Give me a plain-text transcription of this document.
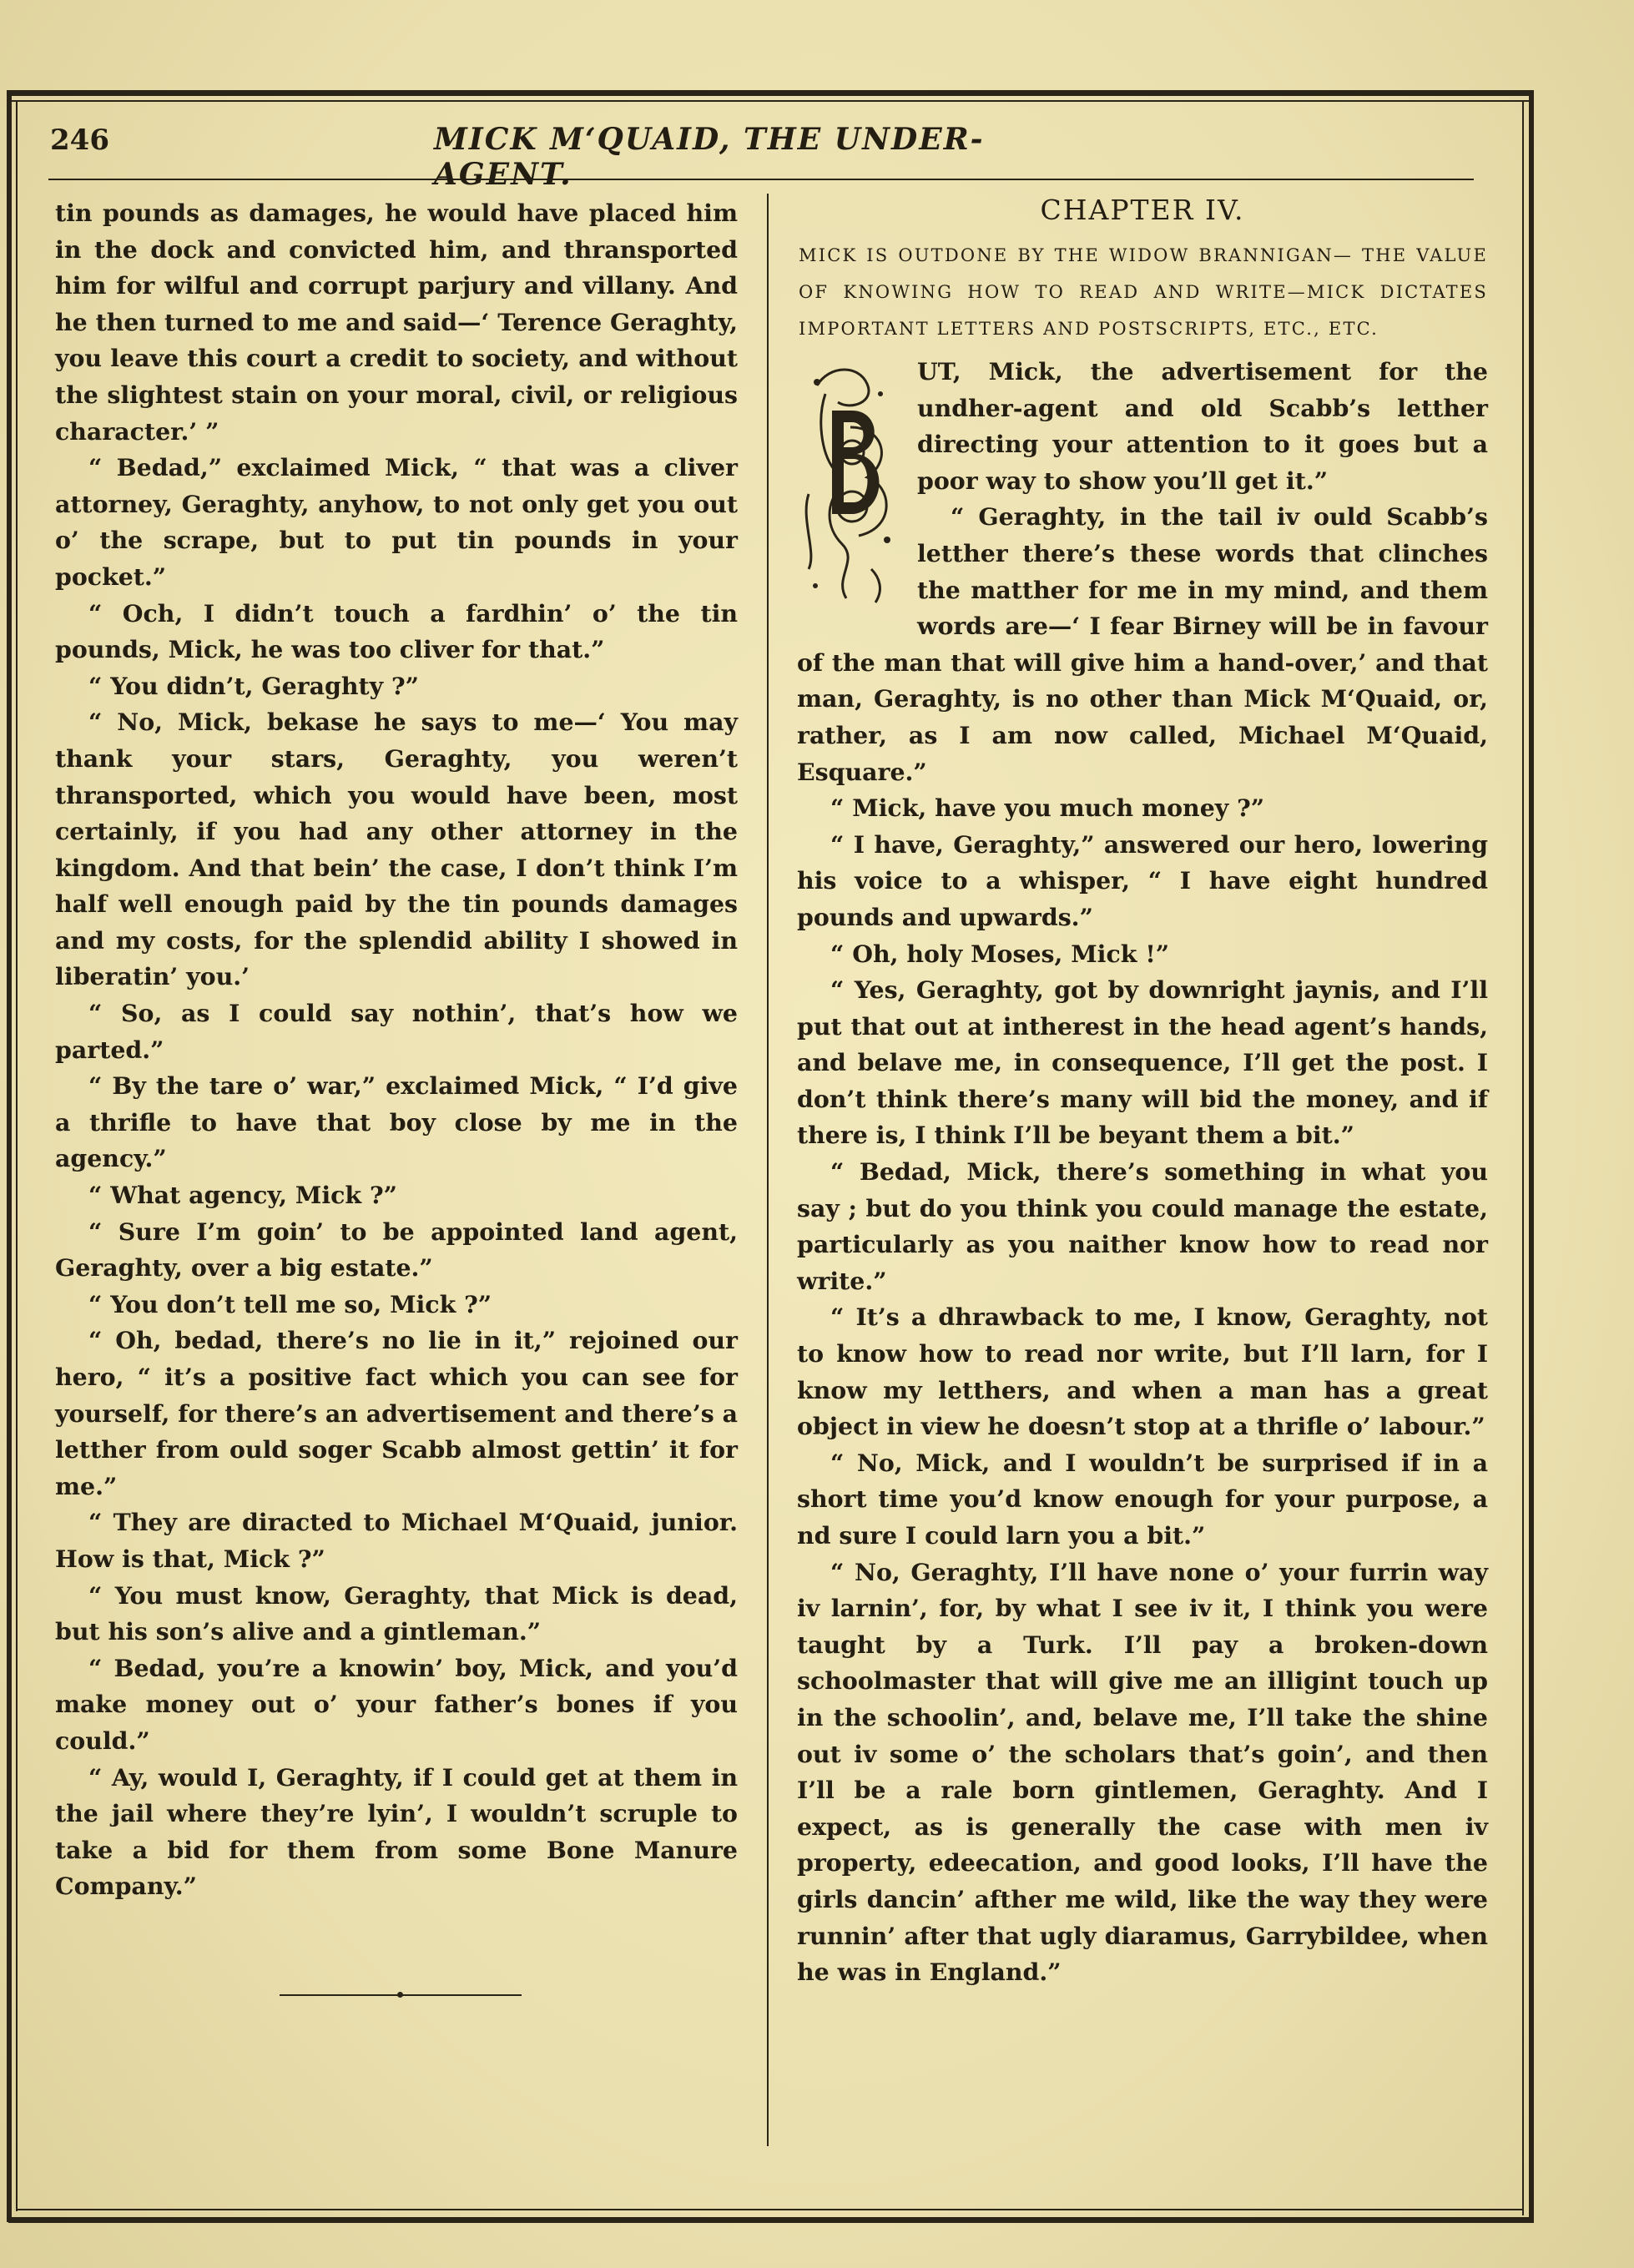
246	MICK M‘QUAID, THE UNDER-AGENT.

tin pounds as damages, he would have placed him in the dock and convicted him, and thransported him for wilful and corrupt parjury and villany. And he then turned to me and said—‘ Terence Geraghty, you leave this court a credit to society, and without the slightest stain on your moral, civil, or religious character.’ ”

“ Bedad,” exclaimed Mick, “ that was a cliver attorney, Geraghty, anyhow, to not only get you out o’ the scrape, but to put tin pounds in your pocket.”

“ Och, I didn’t touch a fardhin’ o’ the tin pounds, Mick, he was too cliver for that.”

“ You didn’t, Geraghty ?”

“ No, Mick, bekase he says to me—‘ You may thank your stars, Geraghty, you weren’t thransported, which you would have been, most certainly, if you had any other attorney in the kingdom. And that bein’ the case, I don’t think I’m half well enough paid by the tin pounds damages and my costs, for the splendid ability I showed in liberatin’ you.’

“ So, as I could say nothin’, that’s how we parted.”

“ By the tare o’ war,” exclaimed Mick, “ I’d give a thrifle to have that boy close by me in the agency.”

“ What agency, Mick ?”

“ Sure I’m goin’ to be appointed land agent, Geraghty, over a big estate.”

“ You don’t tell me so, Mick ?”

“ Oh, bedad, there’s no lie in it,” rejoined our hero, “ it’s a positive fact which you can see for yourself, for there’s an advertisement and there’s a letther from ould soger Scabb almost gettin’ it for me.”

“ They are diracted to Michael M‘Quaid, junior. How is that, Mick ?”

“ You must know, Geraghty, that Mick is dead, but his son’s alive and a gintleman.”

“ Bedad, you’re a knowin’ boy, Mick, and you’d make money out o’ your father’s bones if you could.”

“ Ay, would I, Geraghty, if I could get at them in the jail where they’re lyin’, I wouldn’t scruple to take a bid for them from some Bone Manure Company.”

CHAPTER IV.
MICK IS OUTDONE BY THE WIDOW BRANNIGAN— THE VALUE OF KNOWING HOW TO READ AND WRITE—MICK DICTATES IMPORTANT LETTERS AND POSTSCRIPTS, ETC., ETC.
B

UT, Mick, the advertisement for the undher-agent and old Scabb’s letther directing your attention to it goes but a poor way to show you’ll get it.”

“ Geraghty, in the tail iv ould Scabb’s letther there’s these words that clinches the matther for me in my mind, and them words are—‘ I fear Birney will be in favour of the man that will give him a hand-over,’ and that man, Geraghty, is no other than Mick M‘Quaid, or, rather, as I am now called, Michael M‘Quaid, Esquare.”

“ Mick, have you much money ?”

“ I have, Geraghty,” answered our hero, lowering his voice to a whisper, “ I have eight hundred pounds and upwards.”

“ Oh, holy Moses, Mick !”

“ Yes, Geraghty, got by downright jaynis, and I’ll put that out at intherest in the head agent’s hands, and belave me, in consequence, I’ll get the post. I don’t think there’s many will bid the money, and if there is, I think I’ll be beyant them a bit.”

“ Bedad, Mick, there’s something in what you say ; but do you think you could manage the estate, particularly as you naither know how to read nor write.”

“ It’s a dhrawback to me, I know, Geraghty, not to know how to read nor write, but I’ll larn, for I know my letthers, and when a man has a great object in view he doesn’t stop at a thrifle o’ labour.”

“ No, Mick, and I wouldn’t be surprised if in a short time you’d know enough for your purpose, a nd sure I could larn you a bit.”

“ No, Geraghty, I’ll have none o’ your furrin way iv larnin’, for, by what I see iv it, I think you were taught by a Turk. I’ll pay a broken-down schoolmaster that will give me an illigint touch up in the schoolin’, and, belave me, I’ll take the shine out iv some o’ the scholars that’s goin’, and then I’ll be a rale born gintlemen, Geraghty. And I expect, as is generally the case with men iv property, edeecation, and good looks, I’ll have the girls dancin’ afther me wild, like the way they were runnin’ after that ugly diaramus, Garrybildee, when he was in England.”
